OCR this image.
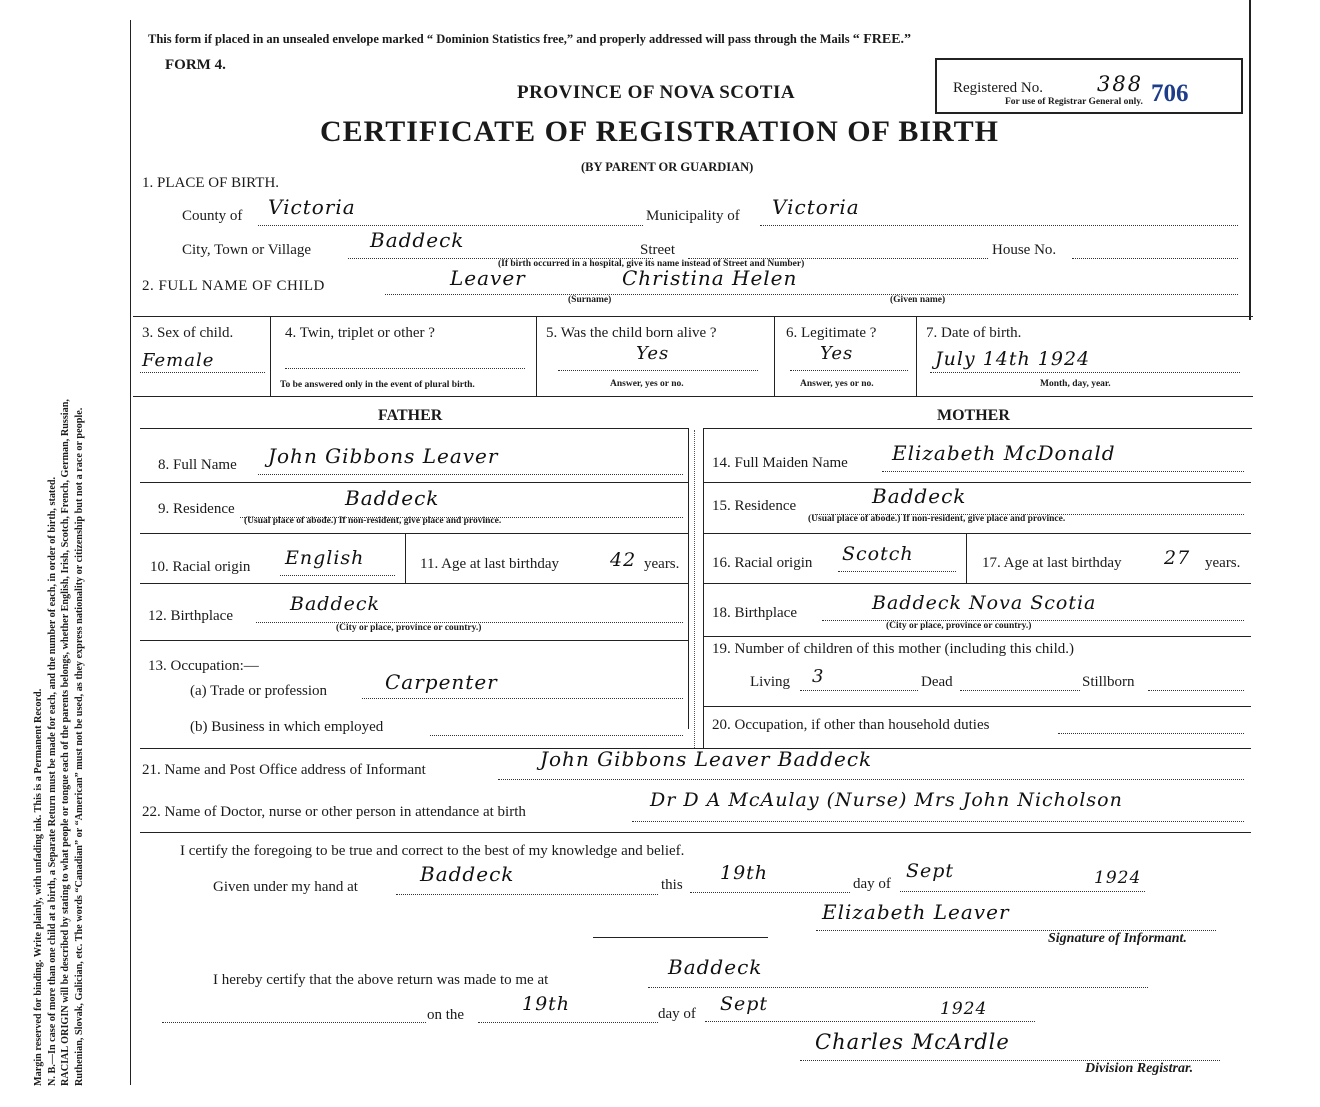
Margin reserved for binding. Write plainly, with unfading ink. This is a Permanent Record. N. B.—In case of more than one child at a birth, a Separate Return must be made for each, and the number of each, in order of birth, stated. RACIAL ORIGIN will be described by stating to what people or tongue each of the parents belongs, whether English, Irish, Scotch, French, German, Russian, Ruthenian, Slovak, Galician, etc. The words “Canadian” or “American” must not be used, as they express nationality or citizenship but not a race or people.
This form if placed in an unsealed envelope marked “ Dominion Statistics free,” and properly addressed will pass through the Mails “ FREE.”
FORM 4.
PROVINCE OF NOVA SCOTIA
CERTIFICATE OF REGISTRATION OF BIRTH
(BY PARENT OR GUARDIAN)
Registered No.	388 706
For use of Registrar General only.
1. PLACE OF BIRTH.
County of Victoria	Municipality of Victoria
City, Town or Village	Baddeck	Street	House No.
(If birth occurred in a hospital, give its name instead of Street and Number)
2. FULL NAME OF CHILD	Leaver	Christina Helen
(Surname)	(Given name)
3. Sex of child.
Female
4. Twin, triplet or other ?
To be answered only in the event of plural birth.
5. Was the child born alive ?
Yes
Answer, yes or no.
6. Legitimate ?
Yes
Answer, yes or no.
7. Date of birth.
July 14th 1924
Month, day, year.
FATHER	MOTHER
8. Full Name John Gibbons Leaver
9. Residence	Baddeck
(Usual place of abode.) If non-resident, give place and province.
10. Racial origin English	11. Age at last birthday	42 years.
12. Birthplace
Baddeck
(City or place, province or country.)
13. Occupation:—
(a) Trade or profession	Carpenter
(b) Business in which employed
14. Full Maiden Name Elizabeth McDonald
15. Residence	Baddeck
(Usual place of abode.) If non-resident, give place and province.
16. Racial origin Scotch	17. Age at last birthday 27 years.
18. Birthplace	Baddeck Nova Scotia
(City or place, province or country.)
19. Number of children of this mother (including this child.)
Living 3	Dead	Stillborn
20. Occupation, if other than household duties
21. Name and Post Office address of Informant	John Gibbons Leaver Baddeck
22. Name of Doctor, nurse or other person in attendance at birth
Dr D A McAulay (Nurse) Mrs John Nicholson
I certify the foregoing to be true and correct to the best of my knowledge and belief.
Given under my hand at
Baddeck	this
19th	day of
Sept	1924
Elizabeth Leaver
Signature of Informant.
I hereby certify that the above return was made to me at
Baddeck
on the	19th	day of Sept	1924
Charles McArdle
Division Registrar.
